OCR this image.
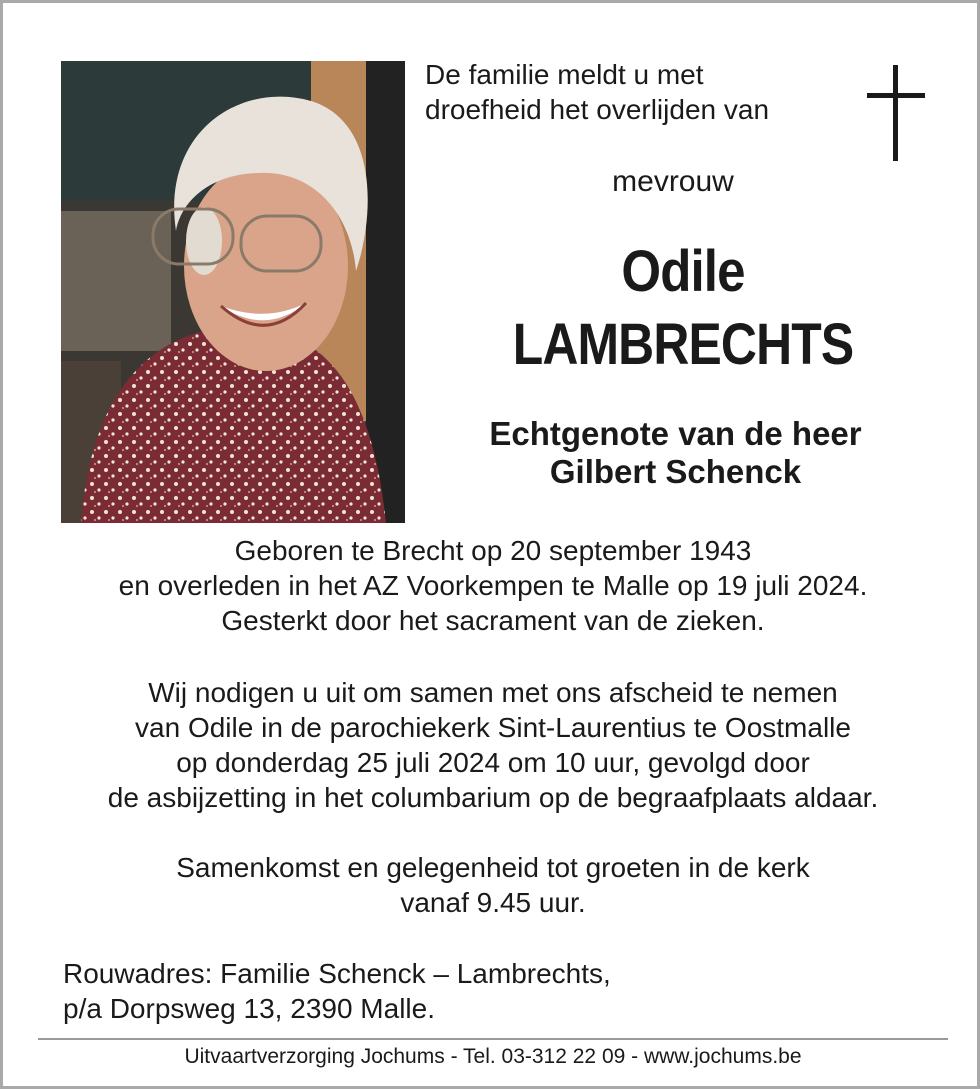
De familie meldt u met
droefheid het overlijden van
mevrouw
Odile
LAMBRECHTS
Echtgenote van de heer
Gilbert Schenck
Geboren te Brecht op 20 september 1943
en overleden in het AZ Voorkempen te Malle op 19 juli 2024.
Gesterkt door het sacrament van de zieken.
Wij nodigen u uit om samen met ons afscheid te nemen
van Odile in de parochiekerk Sint-Laurentius te Oostmalle
op donderdag 25 juli 2024 om 10 uur, gevolgd door
de asbijzetting in het columbarium op de begraafplaats aldaar.
Samenkomst en gelegenheid tot groeten in de kerk
vanaf 9.45 uur.
Rouwadres: Familie Schenck – Lambrechts,
p/a Dorpsweg 13, 2390 Malle.
Uitvaartverzorging Jochums - Tel. 03-312 22 09 - www.jochums.be
